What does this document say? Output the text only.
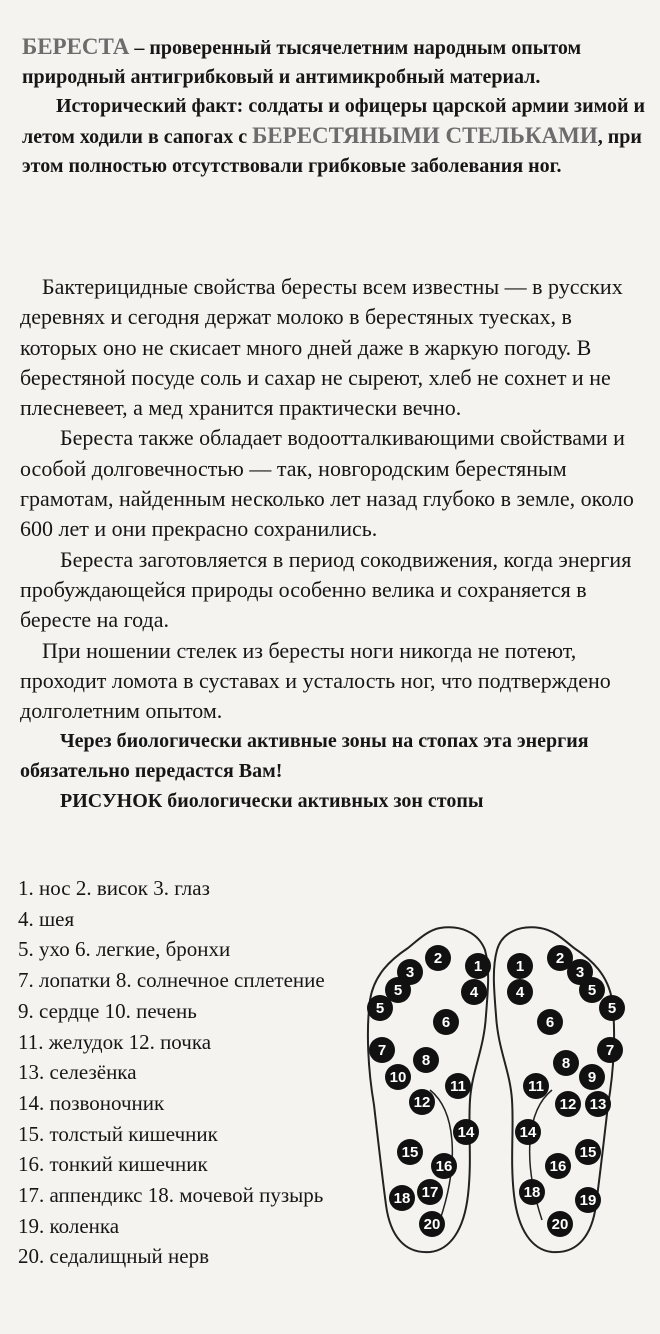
БЕРЕСТА – проверенный тысячелетним народным опытом природный антигрибковый и антимикробный материал.

Исторический факт: солдаты и офицеры царской армии зимой и летом ходили в сапогах с БЕРЕСТЯНЫМИ СТЕЛЬКАМИ, при этом полностью отсутствовали грибковые заболевания ног.

Бактерицидные свойства бересты всем известны — в русских деревнях и сегодня держат молоко в берестяных туесках, в которых оно не скисает много дней даже в жаркую погоду. В берестяной посуде соль и сахар не сыреют, хлеб не сохнет и не плесневеет, а мед хранится практически вечно.

Береста также обладает водоотталкивающими свойствами и особой долговечностью — так, новгородским берестяным грамотам, найденным несколько лет назад глубоко в земле, около 600 лет и они прекрасно сохранились.

Береста заготовляется в период сокодвижения, когда энергия пробуждающейся природы особенно велика и сохраняется в бересте на года.

При ношении стелек из бересты ноги никогда не потеют, проходит ломота в суставах и усталость ног, что подтверждено долголетним опытом.

Через биологически активные зоны на стопах эта энергия обязательно передастся Вам!

РИСУНОК биологически активных зон стопы

1. нос 2. висок 3. глаз
4. шея
5. ухо 6. легкие, бронхи
7. лопатки 8. солнечное сплетение
9. сердце 10. печень
11. желудок 12. почка
13. селезёнка
14. позвоночник
15. толстый кишечник
16. тонкий кишечник
17. аппендикс 18. мочевой пузырь
19. коленка
20. седалищный нерв
2 1
3
5	4
5
6
7
8
10
11
12
14
15
16
18 17
20
1 2
3
5
4
5
6
7
8
9
11
12 13
14
16
15
18	19
20
